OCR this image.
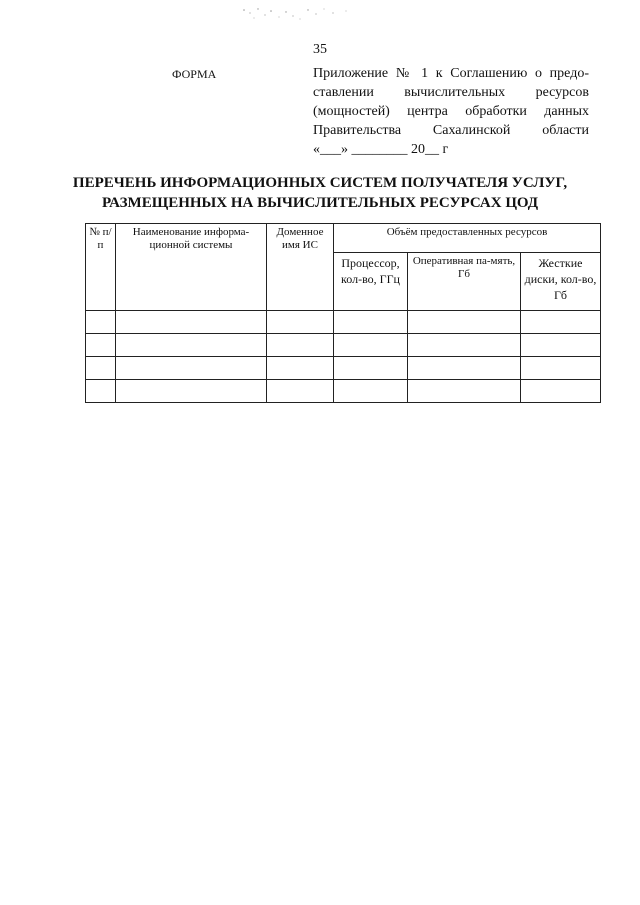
35
ФОРМА	Приложение № 1 к Соглашению о предо-
ставлении вычислительных ресурсов
(мощностей) центра обработки данных
Правительства Сахалинской области
«___» ________ 20__ г
ПЕРЕЧЕНЬ ИНФОРМАЦИОННЫХ СИСТЕМ ПОЛУЧАТЕЛЯ УСЛУГ,
РАЗМЕЩЕННЫХ НА ВЫЧИСЛИТЕЛЬНЫХ РЕСУРСАХ ЦОД
№ п/п	Наименование информа-ционной системы	Доменное имя ИС	Объём предоставленных ресурсов		
			Процессор, кол-во, ГГц	Оперативная па-мять, Гб	Жесткие диски, кол-во, Гб
